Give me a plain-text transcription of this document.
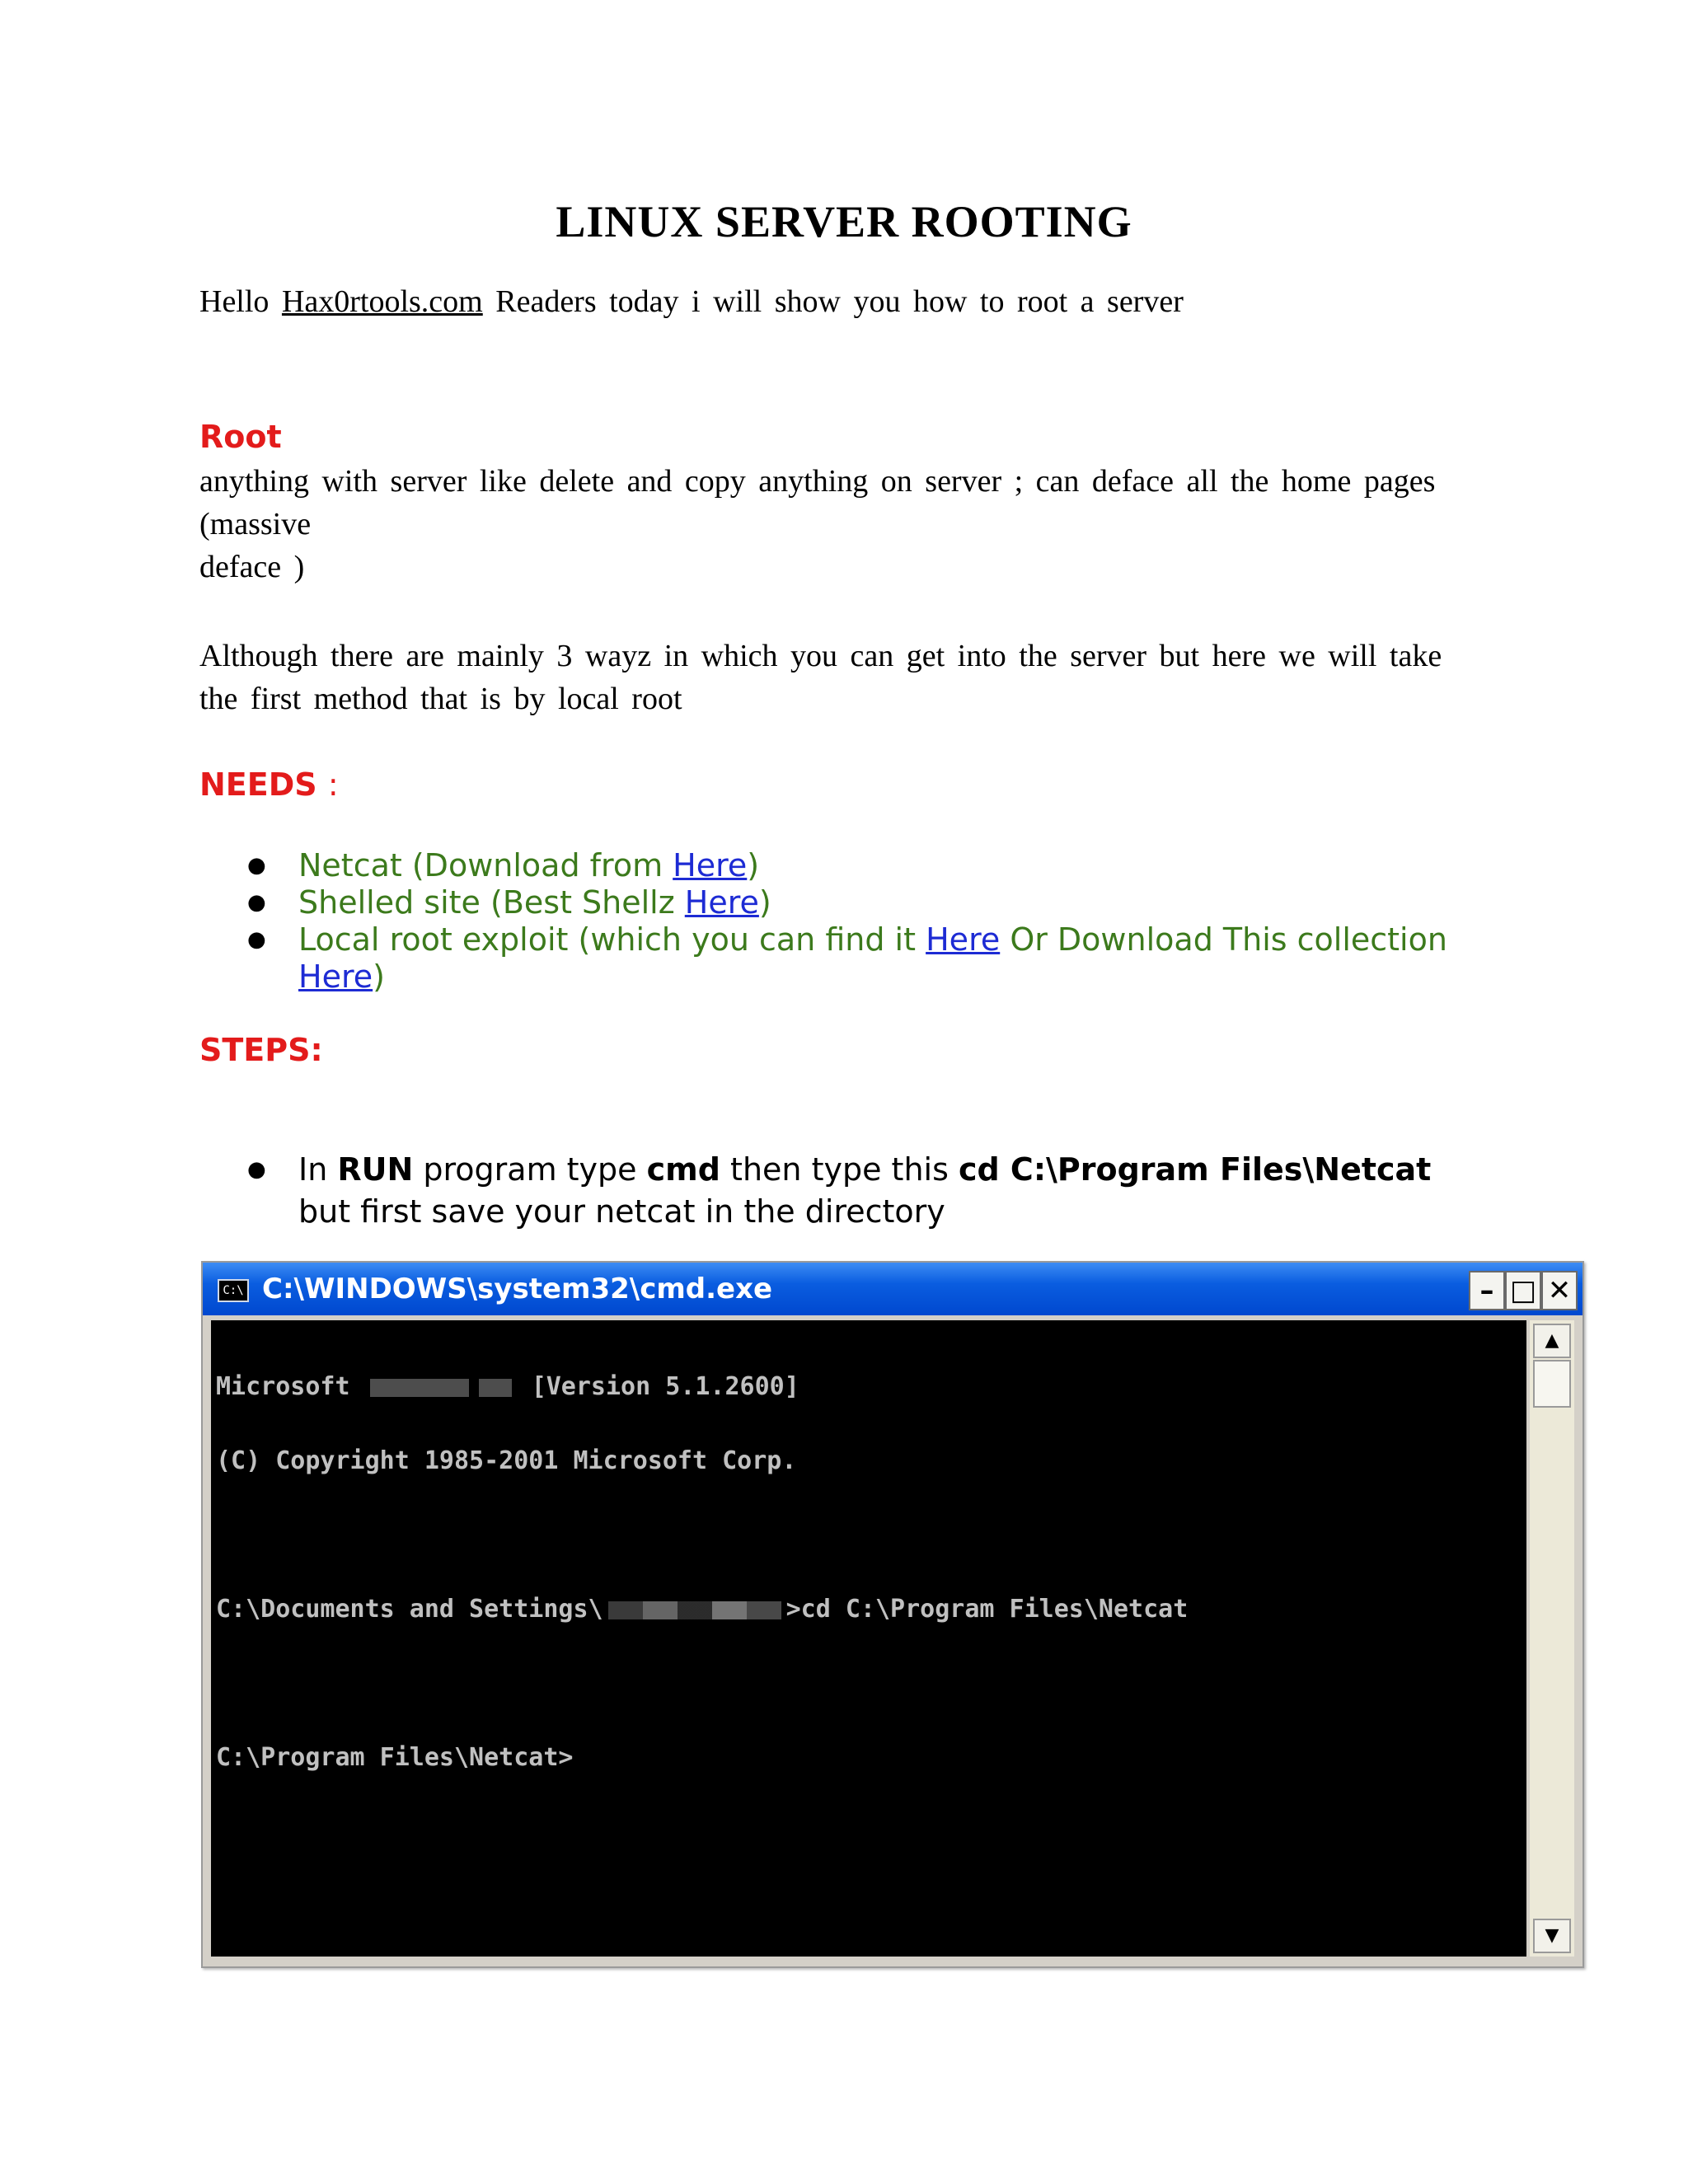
LINUX SERVER ROOTING
Hello Hax0rtools.com Readers today i will show you how to root a server
Root
anything with server like delete and copy anything on server ; can deface all the home pages
(massive
deface )
Although there are mainly 3 wayz in which you can get into the server but here we will take the first method that is by local root
NEEDS :
● Netcat (Download from Here)
● Shelled site (Best Shellz Here)
● Local root exploit (which you can find it Here Or Download This collection Here)
STEPS:
● In RUN program type cmd then type this cd C:\Program Files\Netcat
but first save your netcat in the directory
C:\ C:\WINDOWS\system32\cmd.exe	– □ ✕

Microsoft	[Version 5.1.2600]

(C) Copyright 1985-2001 Microsoft Corp.

C:\Documents and Settings\	>cd C:\Program Files\Netcat

C:\Program Files\Netcat>

▲
▼
